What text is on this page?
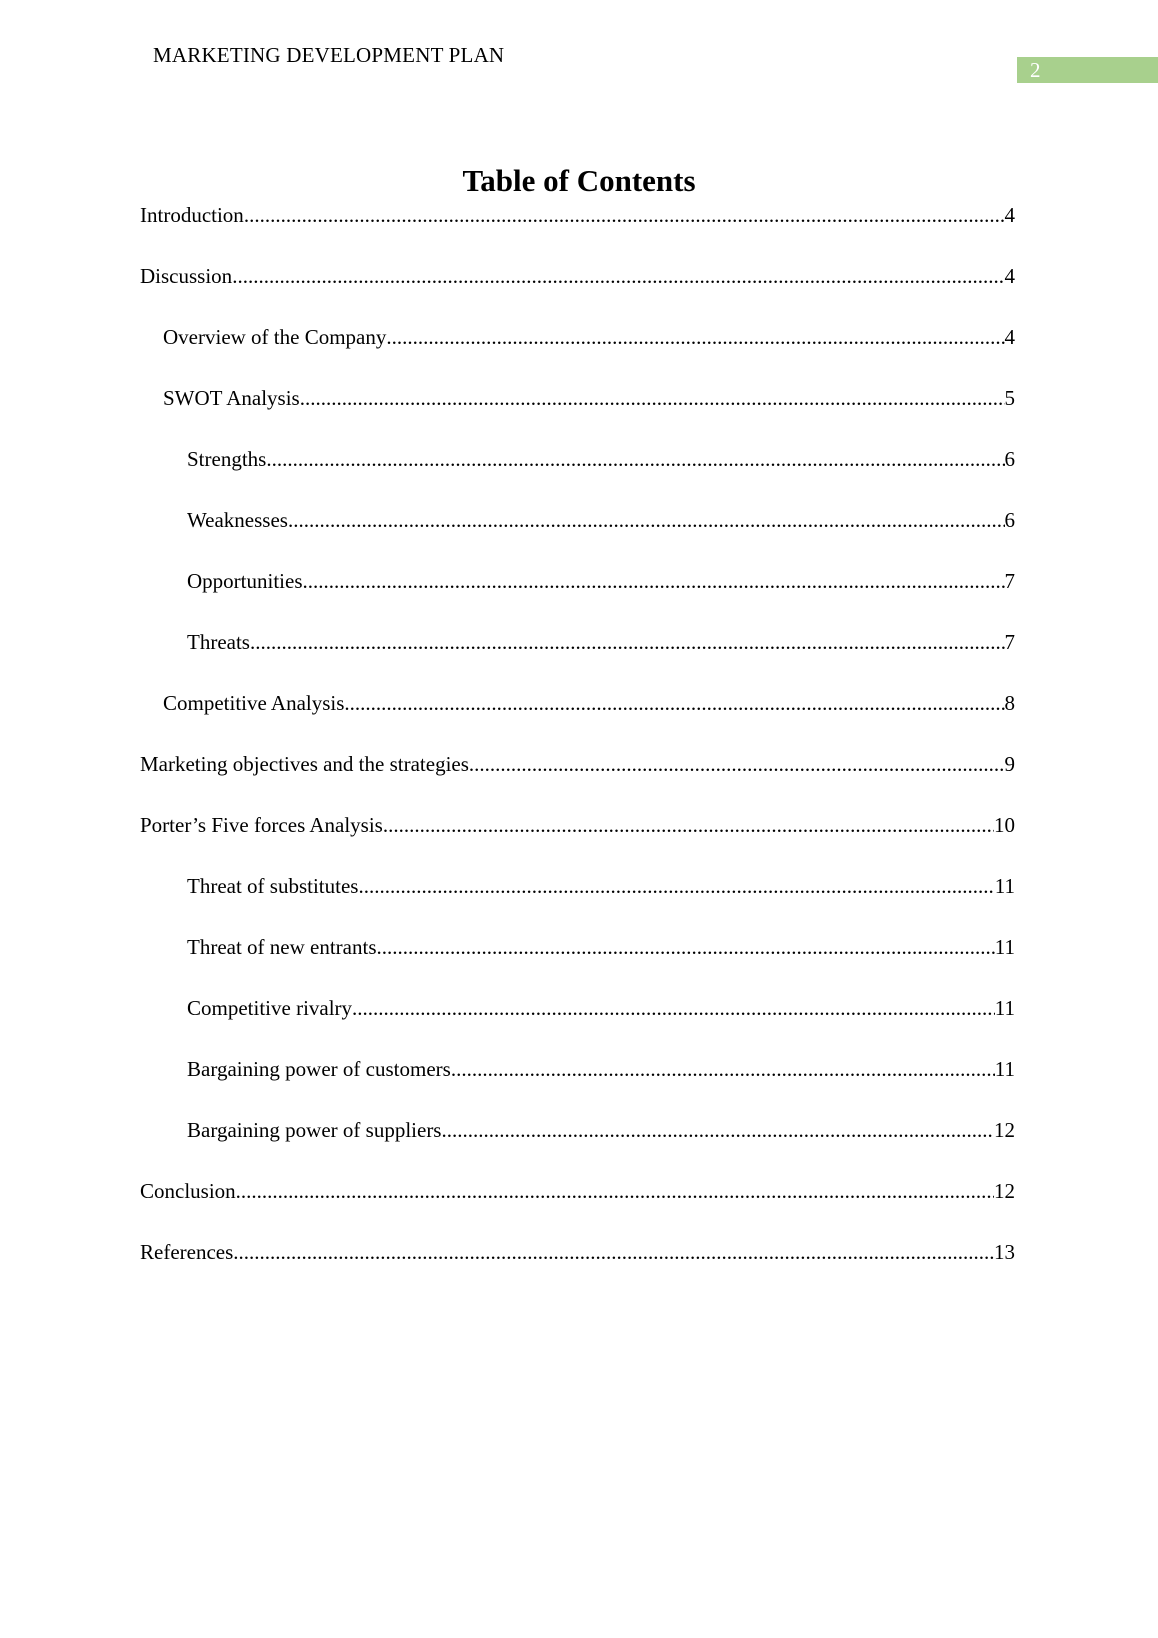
MARKETING DEVELOPMENT PLAN
2
Table of Contents
Introduction .....	4
Discussion .....	4
Overview of the Company .....	4
SWOT Analysis .....	5
Strengths .....	6
Weaknesses .....	6
Opportunities .....	7
Threats .....	7
Competitive Analysis .....	8
Marketing objectives and the strategies .....	9
Porter’s Five forces Analysis .....	10
Threat of substitutes .....	11
Threat of new entrants .....	11
Competitive rivalry .....	11
Bargaining power of customers .....	11
Bargaining power of suppliers .....	12
Conclusion .....	12
References .....	13
